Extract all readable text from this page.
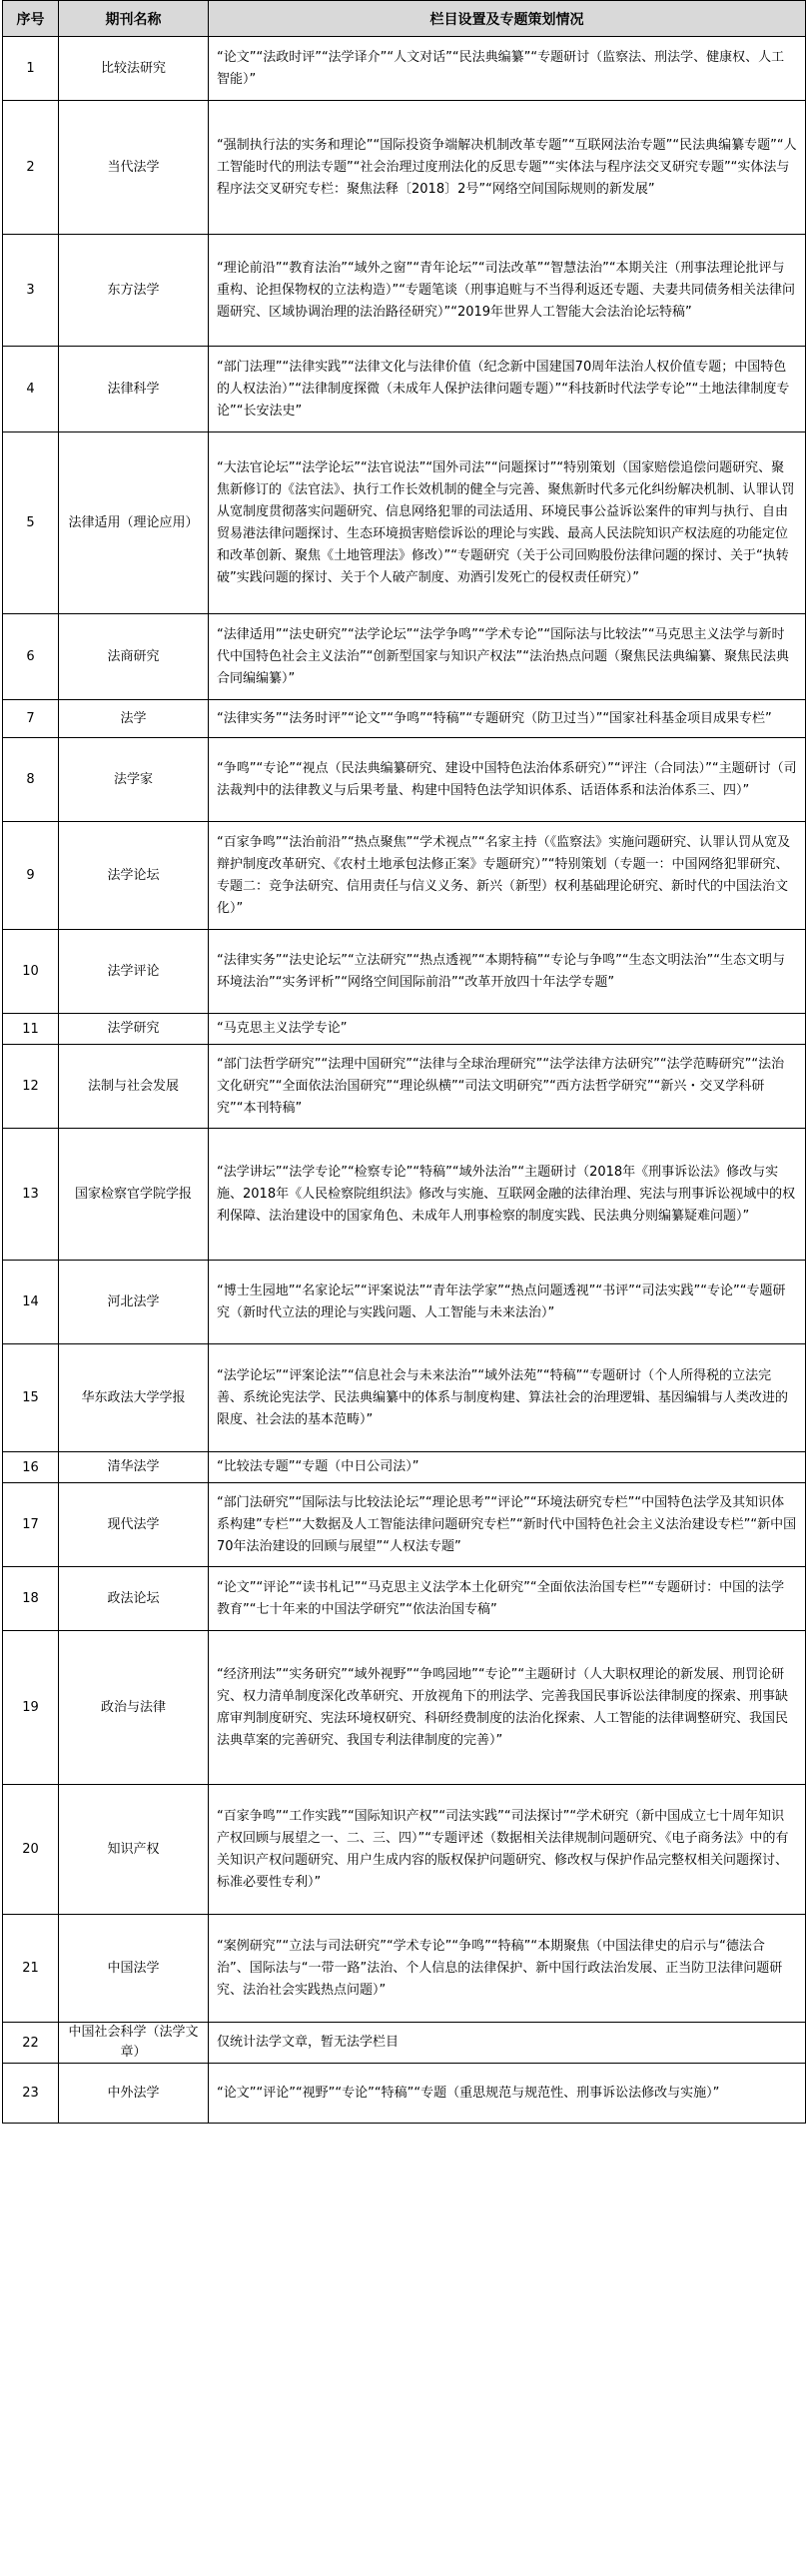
序号	期刊名称	栏目设置及专题策划情况
1	比较法研究	“论文”“法政时评”“法学译介”“人文对话”“民法典编纂”“专题研讨（监察法、刑法学、健康权、人工智能）”
2	当代法学	“强制执行法的实务和理论”“国际投资争端解决机制改革专题”“互联网法治专题”“民法典编纂专题”“人工智能时代的刑法专题”“社会治理过度刑法化的反思专题”“实体法与程序法交叉研究专题”“实体法与程序法交叉研究专栏：聚焦法释〔2018〕2号”“网络空间国际规则的新发展”
3	东方法学	“理论前沿”“教育法治”“域外之窗”“青年论坛”“司法改革”“智慧法治”“本期关注（刑事法理论批评与重构、论担保物权的立法构造）”“专题笔谈（刑事追赃与不当得利返还专题、夫妻共同债务相关法律问题研究、区域协调治理的法治路径研究）”“2019年世界人工智能大会法治论坛特稿”
4	法律科学	“部门法理”“法律实践”“法律文化与法律价值（纪念新中国建国70周年法治人权价值专题；中国特色的人权法治）”“法律制度探微（未成年人保护法律问题专题）”“科技新时代法学专论”“土地法律制度专论”“长安法史”
5	法律适用（理论应用）	“大法官论坛”“法学论坛”“法官说法”“国外司法”“问题探讨”“特别策划（国家赔偿追偿问题研究、聚焦新修订的《法官法》、执行工作长效机制的健全与完善、聚焦新时代多元化纠纷解决机制、认罪认罚从宽制度贯彻落实问题研究、信息网络犯罪的司法适用、环境民事公益诉讼案件的审判与执行、自由贸易港法律问题探讨、生态环境损害赔偿诉讼的理论与实践、最高人民法院知识产权法庭的功能定位和改革创新、聚焦《土地管理法》修改）”“专题研究（关于公司回购股份法律问题的探讨、关于“执转破”实践问题的探讨、关于个人破产制度、劝酒引发死亡的侵权责任研究）”
6	法商研究	“法律适用”“法史研究”“法学论坛”“法学争鸣”“学术专论”“国际法与比较法”“马克思主义法学与新时代中国特色社会主义法治”“创新型国家与知识产权法”“法治热点问题（聚焦民法典编纂、聚焦民法典合同编编纂）”
7	法学	“法律实务”“法务时评”“论文”“争鸣”“特稿”“专题研究（防卫过当）”“国家社科基金项目成果专栏”
8	法学家	“争鸣”“专论”“视点（民法典编纂研究、建设中国特色法治体系研究）”“评注（合同法）”“主题研讨（司法裁判中的法律教义与后果考量、构建中国特色法学知识体系、话语体系和法治体系三、四）”
9	法学论坛	“百家争鸣”“法治前沿”“热点聚焦”“学术视点”“名家主持（《监察法》实施问题研究、认罪认罚从宽及辩护制度改革研究、《农村土地承包法修正案》专题研究）”“特别策划（专题一：中国网络犯罪研究、专题二：竞争法研究、信用责任与信义义务、新兴（新型）权利基础理论研究、新时代的中国法治文化）”
10	法学评论	“法律实务”“法史论坛”“立法研究”“热点透视”“本期特稿”“专论与争鸣”“生态文明法治”“生态文明与环境法治”“实务评析”“网络空间国际前沿”“改革开放四十年法学专题”
11	法学研究	“马克思主义法学专论”
12	法制与社会发展	“部门法哲学研究”“法理中国研究”“法律与全球治理研究”“法学法律方法研究”“法学范畴研究”“法治文化研究”“全面依法治国研究”“理论纵横”“司法文明研究”“西方法哲学研究”“新兴・交叉学科研究”“本刊特稿”
13	国家检察官学院学报	“法学讲坛”“法学专论”“检察专论”“特稿”“域外法治”“主题研讨（2018年《刑事诉讼法》修改与实施、2018年《人民检察院组织法》修改与实施、互联网金融的法律治理、宪法与刑事诉讼视域中的权利保障、法治建设中的国家角色、未成年人刑事检察的制度实践、民法典分则编纂疑难问题）”
14	河北法学	“博士生园地”“名家论坛”“评案说法”“青年法学家”“热点问题透视”“书评”“司法实践”“专论”“专题研究（新时代立法的理论与实践问题、人工智能与未来法治）”
15	华东政法大学学报	“法学论坛”“评案论法”“信息社会与未来法治”“域外法苑”“特稿”“专题研讨（个人所得税的立法完善、系统论宪法学、民法典编纂中的体系与制度构建、算法社会的治理逻辑、基因编辑与人类改进的限度、社会法的基本范畴）”
16	清华法学	“比较法专题”“专题（中日公司法）”
17	现代法学	“部门法研究”“国际法与比较法论坛”“理论思考”“评论”“环境法研究专栏”“中国特色法学及其知识体系构建”专栏”“大数据及人工智能法律问题研究专栏”“新时代中国特色社会主义法治建设专栏”“新中国70年法治建设的回顾与展望”“人权法专题”
18	政法论坛	“论文”“评论”“读书札记”“马克思主义法学本土化研究”“全面依法治国专栏”“专题研讨：中国的法学教育”“七十年来的中国法学研究”“依法治国专稿”
19	政治与法律	“经济刑法”“实务研究”“域外视野”“争鸣园地”“专论”“主题研讨（人大职权理论的新发展、刑罚论研究、权力清单制度深化改革研究、开放视角下的刑法学、完善我国民事诉讼法律制度的探索、刑事缺席审判制度研究、宪法环境权研究、科研经费制度的法治化探索、人工智能的法律调整研究、我国民法典草案的完善研究、我国专利法律制度的完善）”
20	知识产权	“百家争鸣”“工作实践”“国际知识产权”“司法实践”“司法探讨”“学术研究（新中国成立七十周年知识产权回顾与展望之一、二、三、四）”“专题评述（数据相关法律规制问题研究、《电子商务法》中的有关知识产权问题研究、用户生成内容的版权保护问题研究、修改权与保护作品完整权相关问题探讨、标准必要性专利）”
21	中国法学	“案例研究”“立法与司法研究”“学术专论”“争鸣”“特稿”“本期聚焦（中国法律史的启示与“德法合治”、国际法与“一带一路”法治、个人信息的法律保护、新中国行政法治发展、正当防卫法律问题研究、法治社会实践热点问题）”
22	中国社会科学（法学文章）	仅统计法学文章，暂无法学栏目
23	中外法学	“论文”“评论”“视野”“专论”“特稿”“专题（重思规范与规范性、刑事诉讼法修改与实施）”
